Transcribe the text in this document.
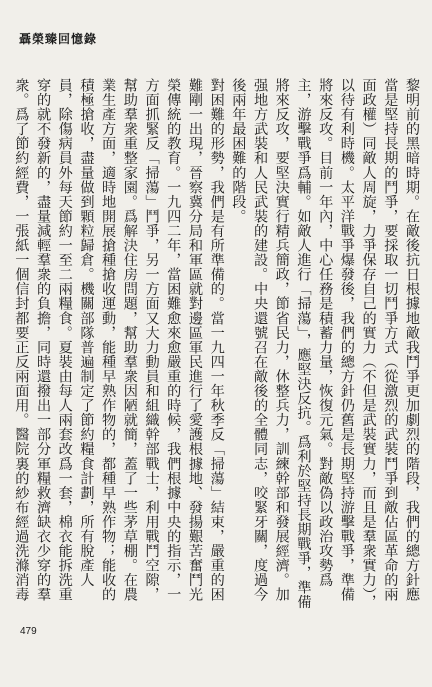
聶榮臻回憶錄

黎明前的黑暗時期。在敵後抗日根據地敵我鬥爭更加劇烈的階段，我們的總方針應當是堅持長期的鬥爭，要採取一切鬥爭方式（從激烈的武裝鬥爭到敵佔區革命的兩面政權）同敵人周旋，力爭保存自己的實力（不但是武裝實力，而且是羣衆實力），以待有利時機。太平洋戰爭爆發後，我們的總方針仍舊是長期堅持游擊戰爭，準備將來反攻。目前一年內，中心任務是積蓄力量，恢復元氣。對敵偽以政治攻勢爲主，游擊戰爭爲輔。如敵人進行「掃蕩」，應堅決反抗。爲利於堅持長期戰爭，準備將來反攻，要堅決實行精兵簡政，節省民力，休整兵力，訓練幹部和發展經濟。加强地方武裝和人民武裝的建設。中央還號召在敵後的全體同志，咬緊牙關，度過今後兩年最困難的階段。

對困難的形勢，我們是有所準備的。當一九四一年秋季反「掃蕩」結束，嚴重的困難剛一出現，晉察冀分局和軍區就對邊區軍民進行了愛護根據地、發揚艱苦奮鬥光榮傳統的教育。一九四二年，當困難愈來愈嚴重的時候，我們根據中央的指示，一方面抓緊反「掃蕩」鬥爭，另一方面又大力動員和組織幹部戰士，利用戰鬥空隙，幫助羣衆重整家園。爲解決住房問題，幫助羣衆因陋就簡，蓋了一些茅草棚。在農業生產方面，適時地開展搶種搶收運動，能種早熟作物的，都種早熟作物；能收的積極搶收，盡量做到顆粒歸倉。機關部隊普遍制定了節約糧食計劃，所有脫產人員，除傷病員外每天節約一至二兩糧食。夏裝由每人兩套改爲一套，棉衣能拆洗重穿的就不發新的，盡量減輕羣衆的負擔，同時還撥出一部分軍糧救濟缺衣少穿的羣衆。爲了節約經費，一張紙一個信封都要正反兩面用。醫院裏的紗布經過洗滌消毒

479
